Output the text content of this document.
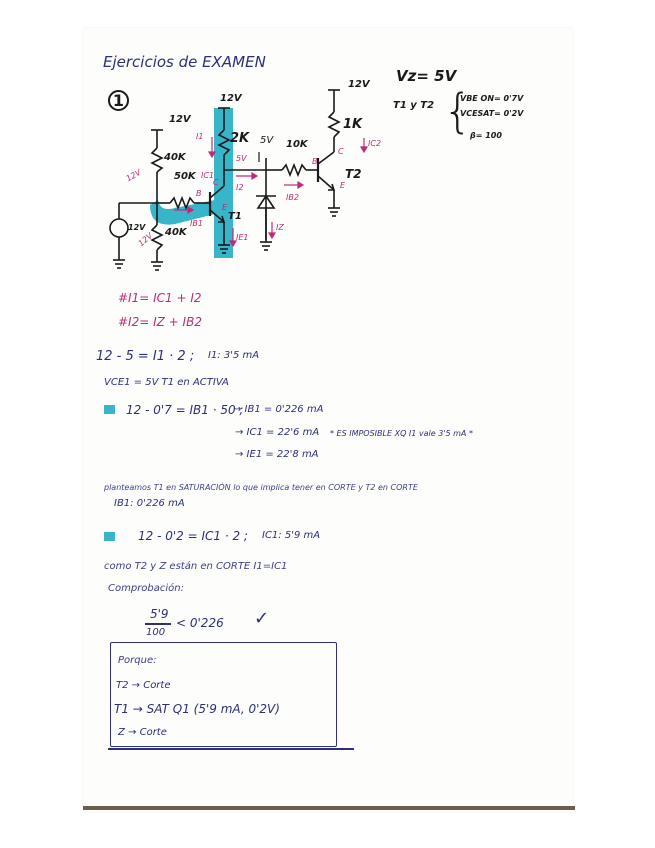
Ejercicios de EXAMEN
1
Vz= 5V
T1 y T2 {
VBE ON= 0'7V
VCESAT= 0'2V
β= 100
12V
12V
12V
12V
12V
12V
40K
40K
50K
2K	10K
1K
5V
5V
I1
I2
IC1
IB1
IE1
IB2
IZ
IC2
B
C
E
T1
B
C
T2
E
#I1= IC1 + I2
#I2= IZ + IB2
12 - 5 = I1 · 2 ; I1: 3'5 mA
VCE1 = 5V T1 en ACTIVA
12 - 0'7 = IB1 · 50 ;
→ IB1 = 0'226 mA
→ IC1 = 22'6 mA * ES IMPOSIBLE XQ I1 vale 3'5 mA *
→ IE1 = 22'8 mA
planteamos T1 en SATURACIÓN lo que implica tener en CORTE y T2 en CORTE
IB1: 0'226 mA
12 - 0'2 = IC1 · 2 ; IC1: 5'9 mA
como T2 y Z están en CORTE I1=IC1
Comprobación:
5'9
100
< 0'226 ✓
Porque:
T2 → Corte
T1 → SAT Q1 (5'9 mA, 0'2V)
Z → Corte
